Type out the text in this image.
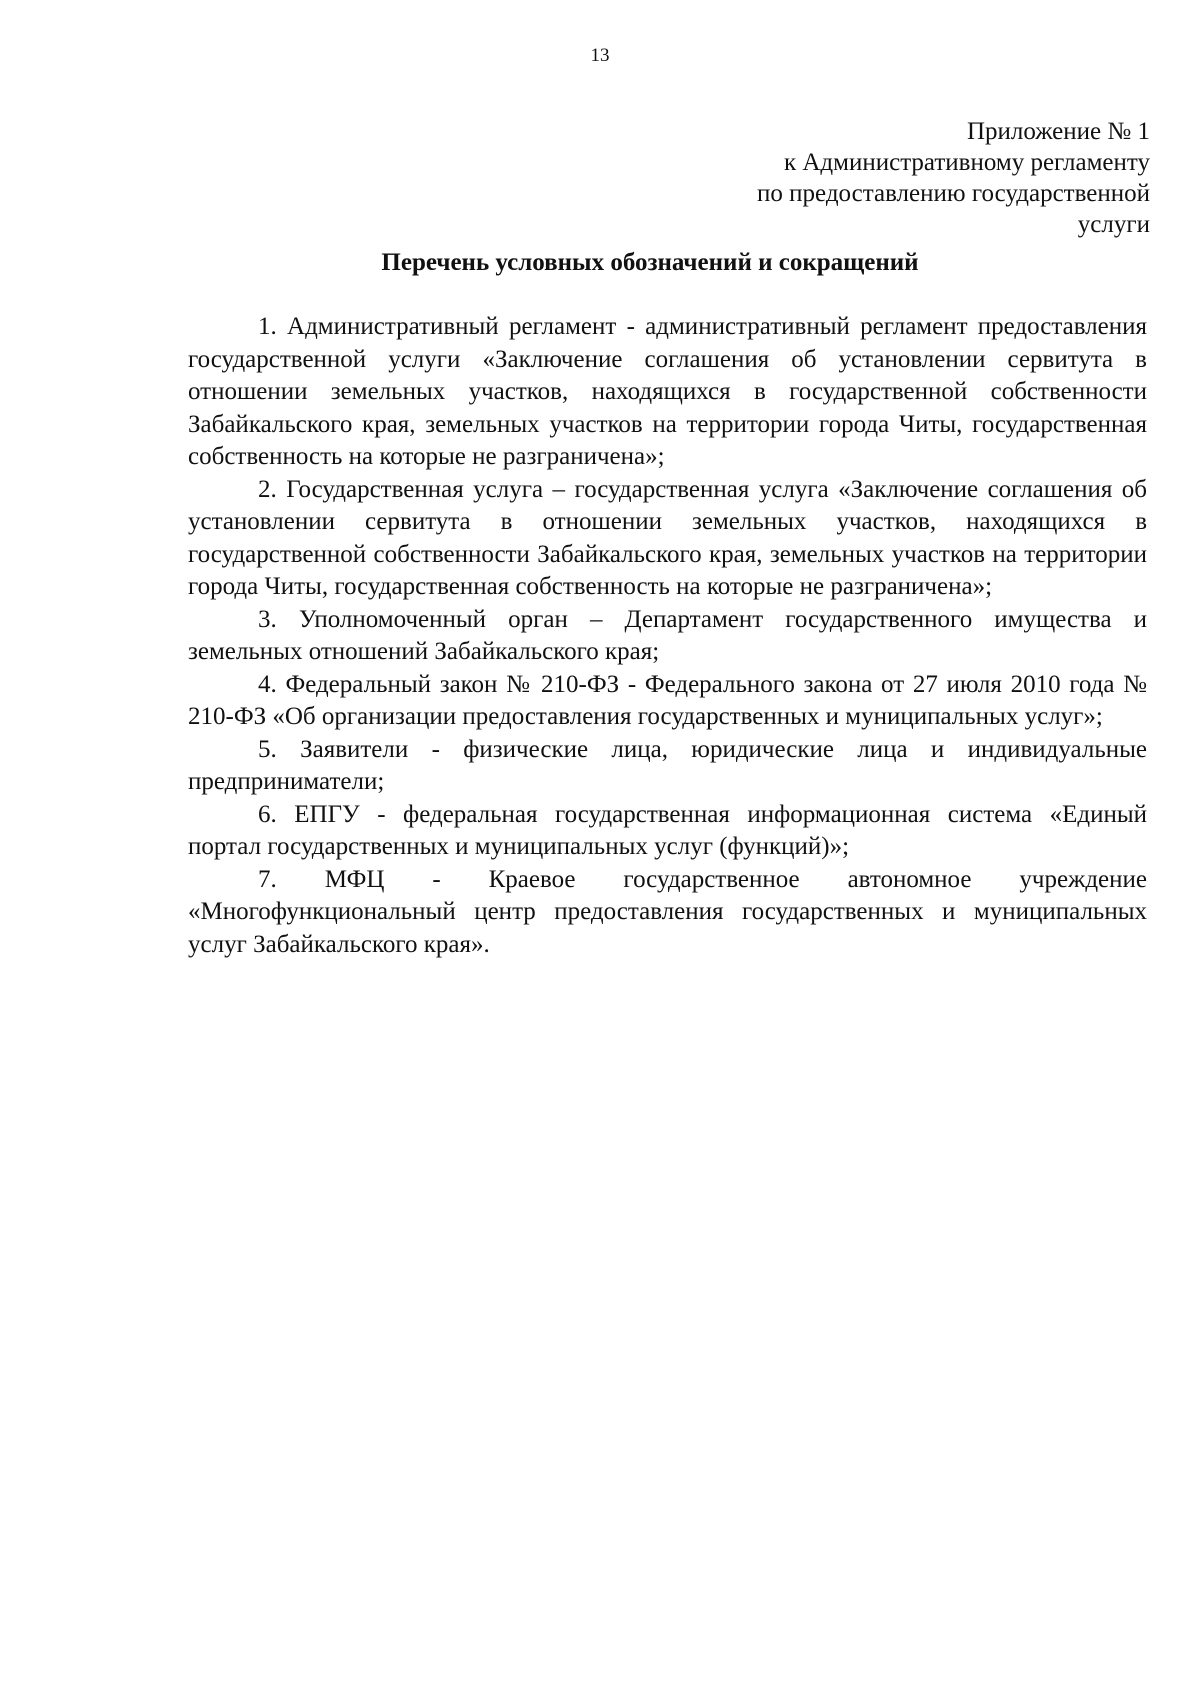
13
Приложение № 1
к Административному регламенту
по предоставлению государственной
услуги
Перечень условных обозначений и сокращений

1. Административный регламент - административный регламент предоставления государственной услуги «Заключение соглашения об установлении сервитута в отношении земельных участков, находящихся в государственной собственности Забайкальского края, земельных участков на территории города Читы, государственная собственность на которые не разграничена»;

2. Государственная услуга – государственная услуга «Заключение соглашения об установлении сервитута в отношении земельных участков, находящихся в государственной собственности Забайкальского края, земельных участков на территории города Читы, государственная собственность на которые не разграничена»;

3. Уполномоченный орган – Департамент государственного имущества и земельных отношений Забайкальского края;

4. Федеральный закон № 210-ФЗ - Федерального закона от 27 июля 2010 года № 210-ФЗ «Об организации предоставления государственных и муниципальных услуг»;

5. Заявители - физические лица, юридические лица и индивидуальные предприниматели;

6. ЕПГУ - федеральная государственная информационная система «Единый портал государственных и муниципальных услуг (функций)»;

7. МФЦ - Краевое государственное автономное учреждение «Многофункциональный центр предоставления государственных и муниципальных услуг Забайкальского края».
